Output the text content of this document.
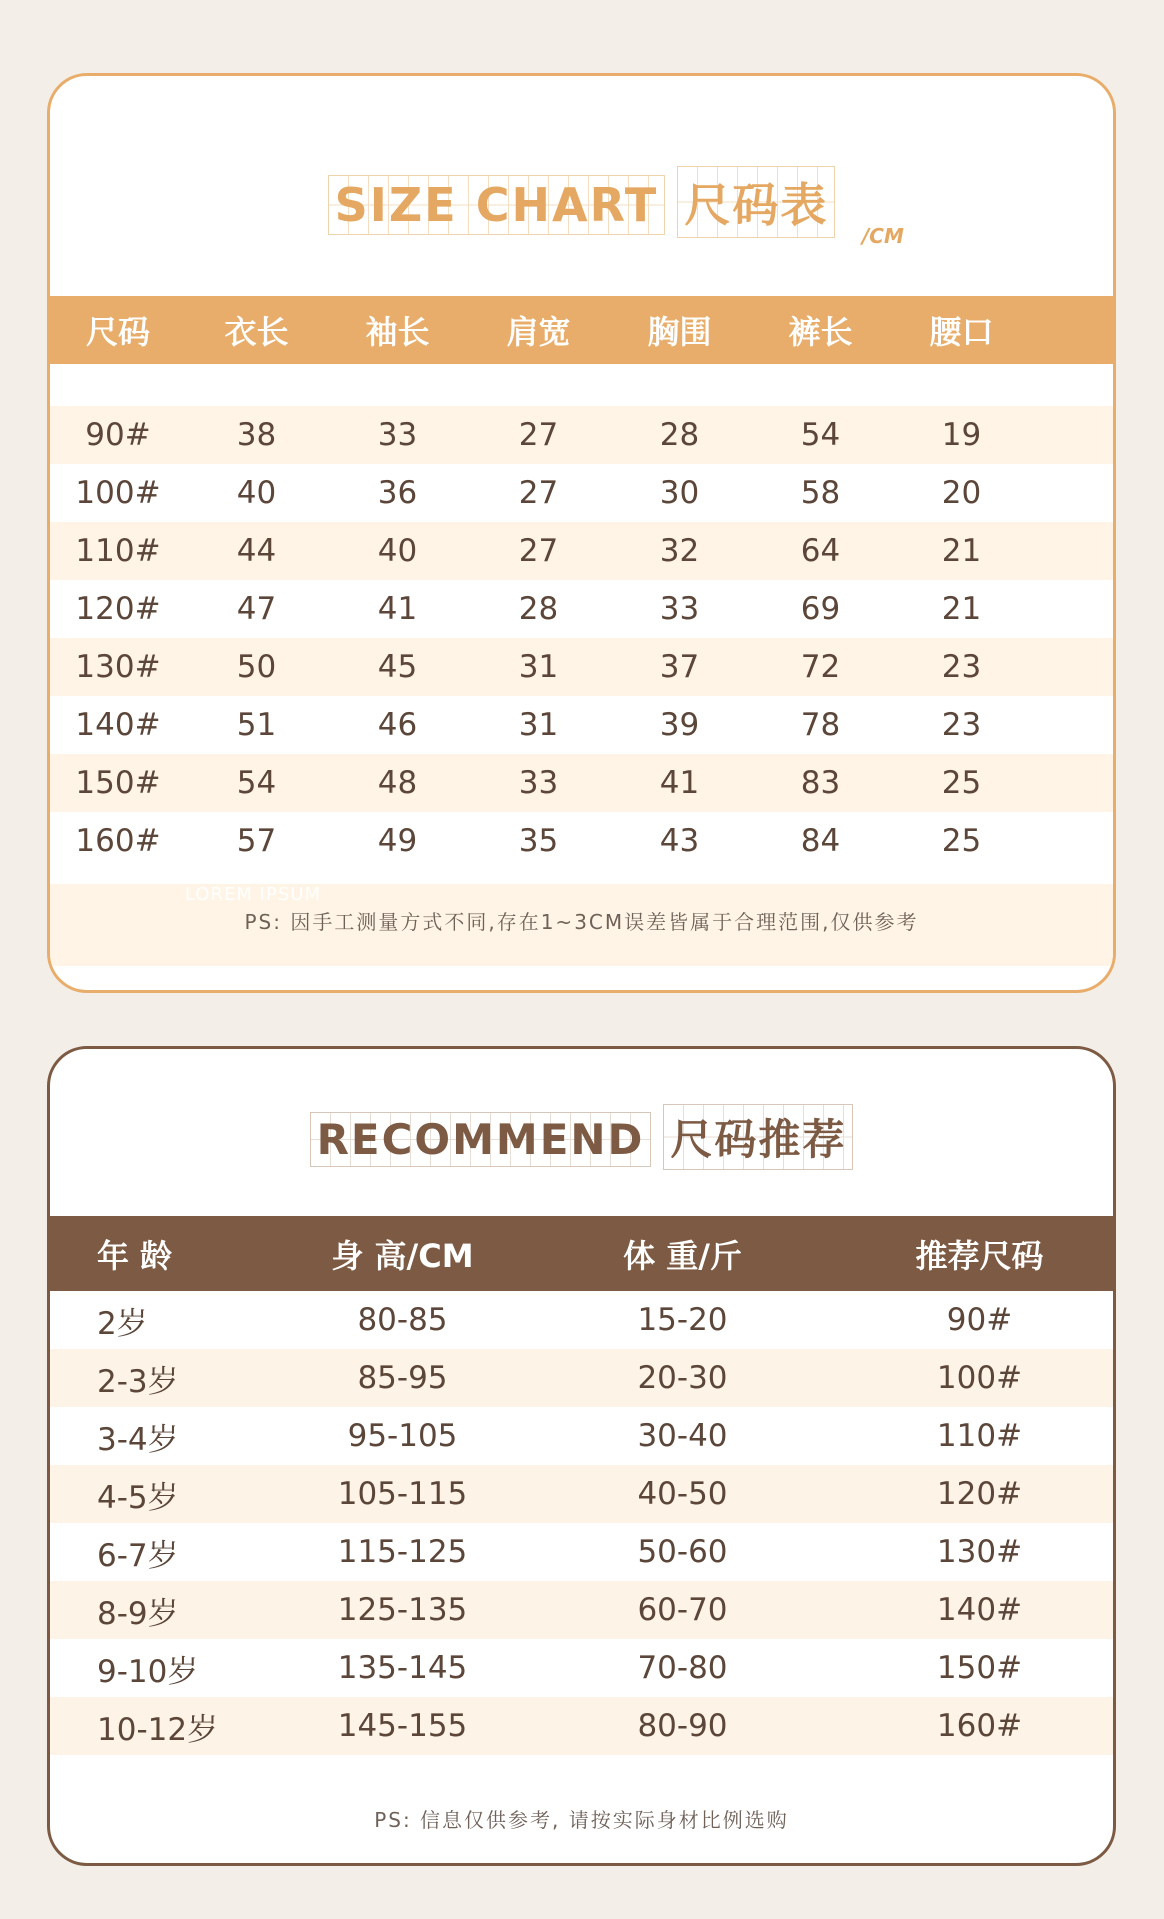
SIZE CHART 尺码表
/CM
尺码	衣长	袖长	肩宽	胸围	裤长	腰口
90#	38	33	27	28	54	19
100#	40	36	27	30	58	20
110#	44	40	27	32	64	21
120#	47	41	28	33	69	21
130#	50	45	31	37	72	23
140#	51	46	31	39	78	23
150#	54	48	33	41	83	25
160#	57	49	35	43	84	25
LOREM IPSUM
PS: 因手工测量方式不同,存在1~3CM误差皆属于合理范围,仅供参考
RECOMMEND 尺码推荐
年 龄	身 高/CM	体 重/斤	推荐尺码
2岁	80-85	15-20	90#
2-3岁	85-95	20-30	100#
3-4岁	95-105	30-40	110#
4-5岁	105-115	40-50	120#
6-7岁	115-125	50-60	130#
8-9岁	125-135	60-70	140#
9-10岁	135-145	70-80	150#
10-12岁	145-155	80-90	160#
PS: 信息仅供参考, 请按实际身材比例选购
